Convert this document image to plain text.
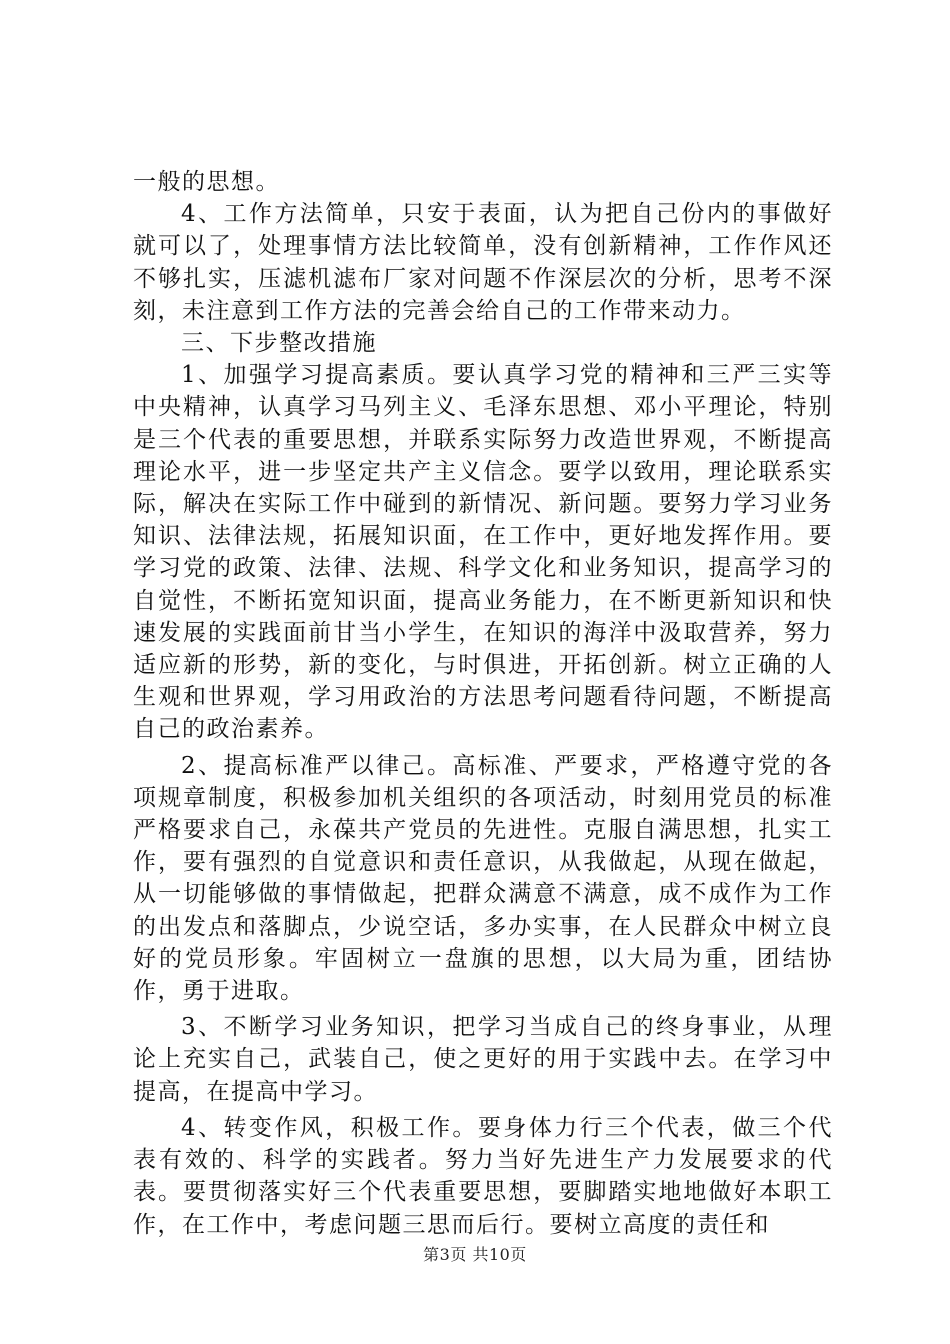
一般的思想。

4、工作方法简单，只安于表面，认为把自己份内的事做好就可以了，处理事情方法比较简单，没有创新精神，工作作风还不够扎实，压滤机滤布厂家对问题不作深层次的分析，思考不深刻，未注意到工作方法的完善会给自己的工作带来动力。

三、下步整改措施

1、加强学习提高素质。要认真学习党的精神和三严三实等中央精神，认真学习马列主义、毛泽东思想、邓小平理论，特别是三个代表的重要思想，并联系实际努力改造世界观，不断提高理论水平，进一步坚定共产主义信念。要学以致用，理论联系实际，解决在实际工作中碰到的新情况、新问题。要努力学习业务知识、法律法规，拓展知识面，在工作中，更好地发挥作用。要学习党的政策、法律、法规、科学文化和业务知识，提高学习的自觉性，不断拓宽知识面，提高业务能力，在不断更新知识和快速发展的实践面前甘当小学生，在知识的海洋中汲取营养，努力适应新的形势，新的变化，与时俱进，开拓创新。树立正确的人生观和世界观，学习用政治的方法思考问题看待问题，不断提高自己的政治素养。

2、提高标准严以律己。高标准、严要求，严格遵守党的各项规章制度，积极参加机关组织的各项活动，时刻用党员的标准严格要求自己，永葆共产党员的先进性。克服自满思想，扎实工作，要有强烈的自觉意识和责任意识，从我做起，从现在做起，从一切能够做的事情做起，把群众满意不满意，成不成作为工作的出发点和落脚点，少说空话，多办实事，在人民群众中树立良好的党员形象。牢固树立一盘旗的思想，以大局为重，团结协作，勇于进取。

3、不断学习业务知识，把学习当成自己的终身事业，从理论上充实自己，武装自己，使之更好的用于实践中去。在学习中提高，在提高中学习。

4、转变作风，积极工作。要身体力行三个代表，做三个代表有效的、科学的实践者。努力当好先进生产力发展要求的代表。要贯彻落实好三个代表重要思想，要脚踏实地地做好本职工作，在工作中，考虑问题三思而后行。要树立高度的责任和

第3页 共10页
